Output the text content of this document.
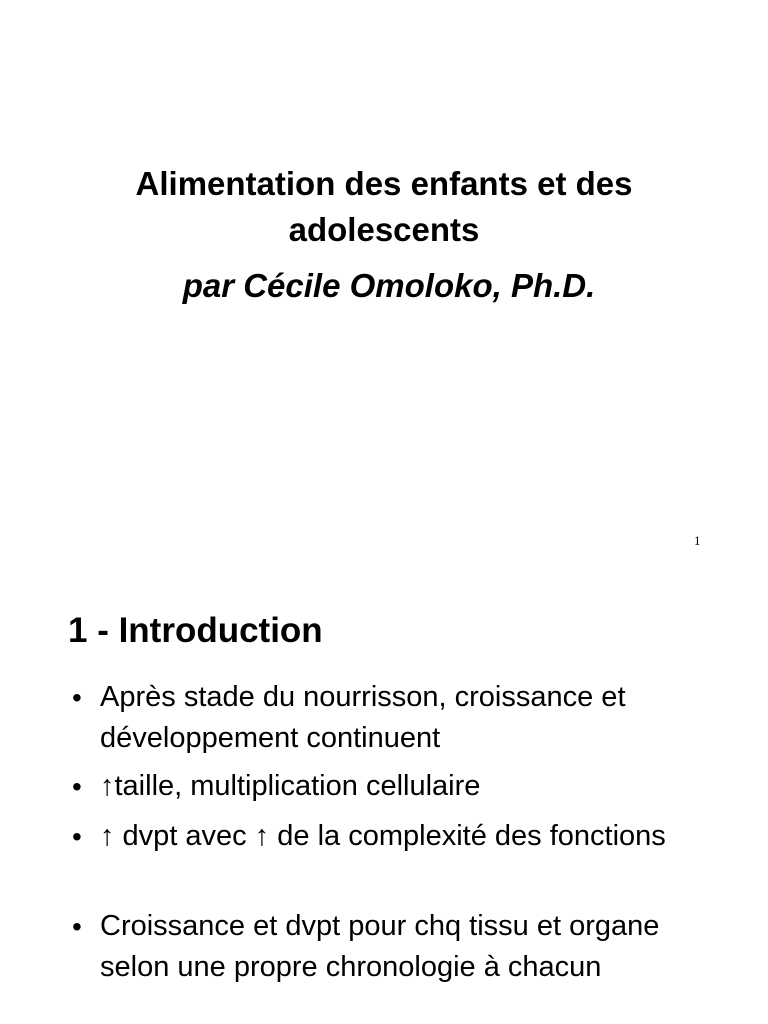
Alimentation des enfants et des
adolescents
par Cécile Omoloko, Ph.D.
1
1 - Introduction
• Après stade du nourrisson, croissance et développement continuent
• ↑taille, multiplication cellulaire
• ↑ dvpt avec ↑ de la complexité des fonctions
• Croissance et dvpt pour chq tissu et organe selon une propre chronologie à chacun
